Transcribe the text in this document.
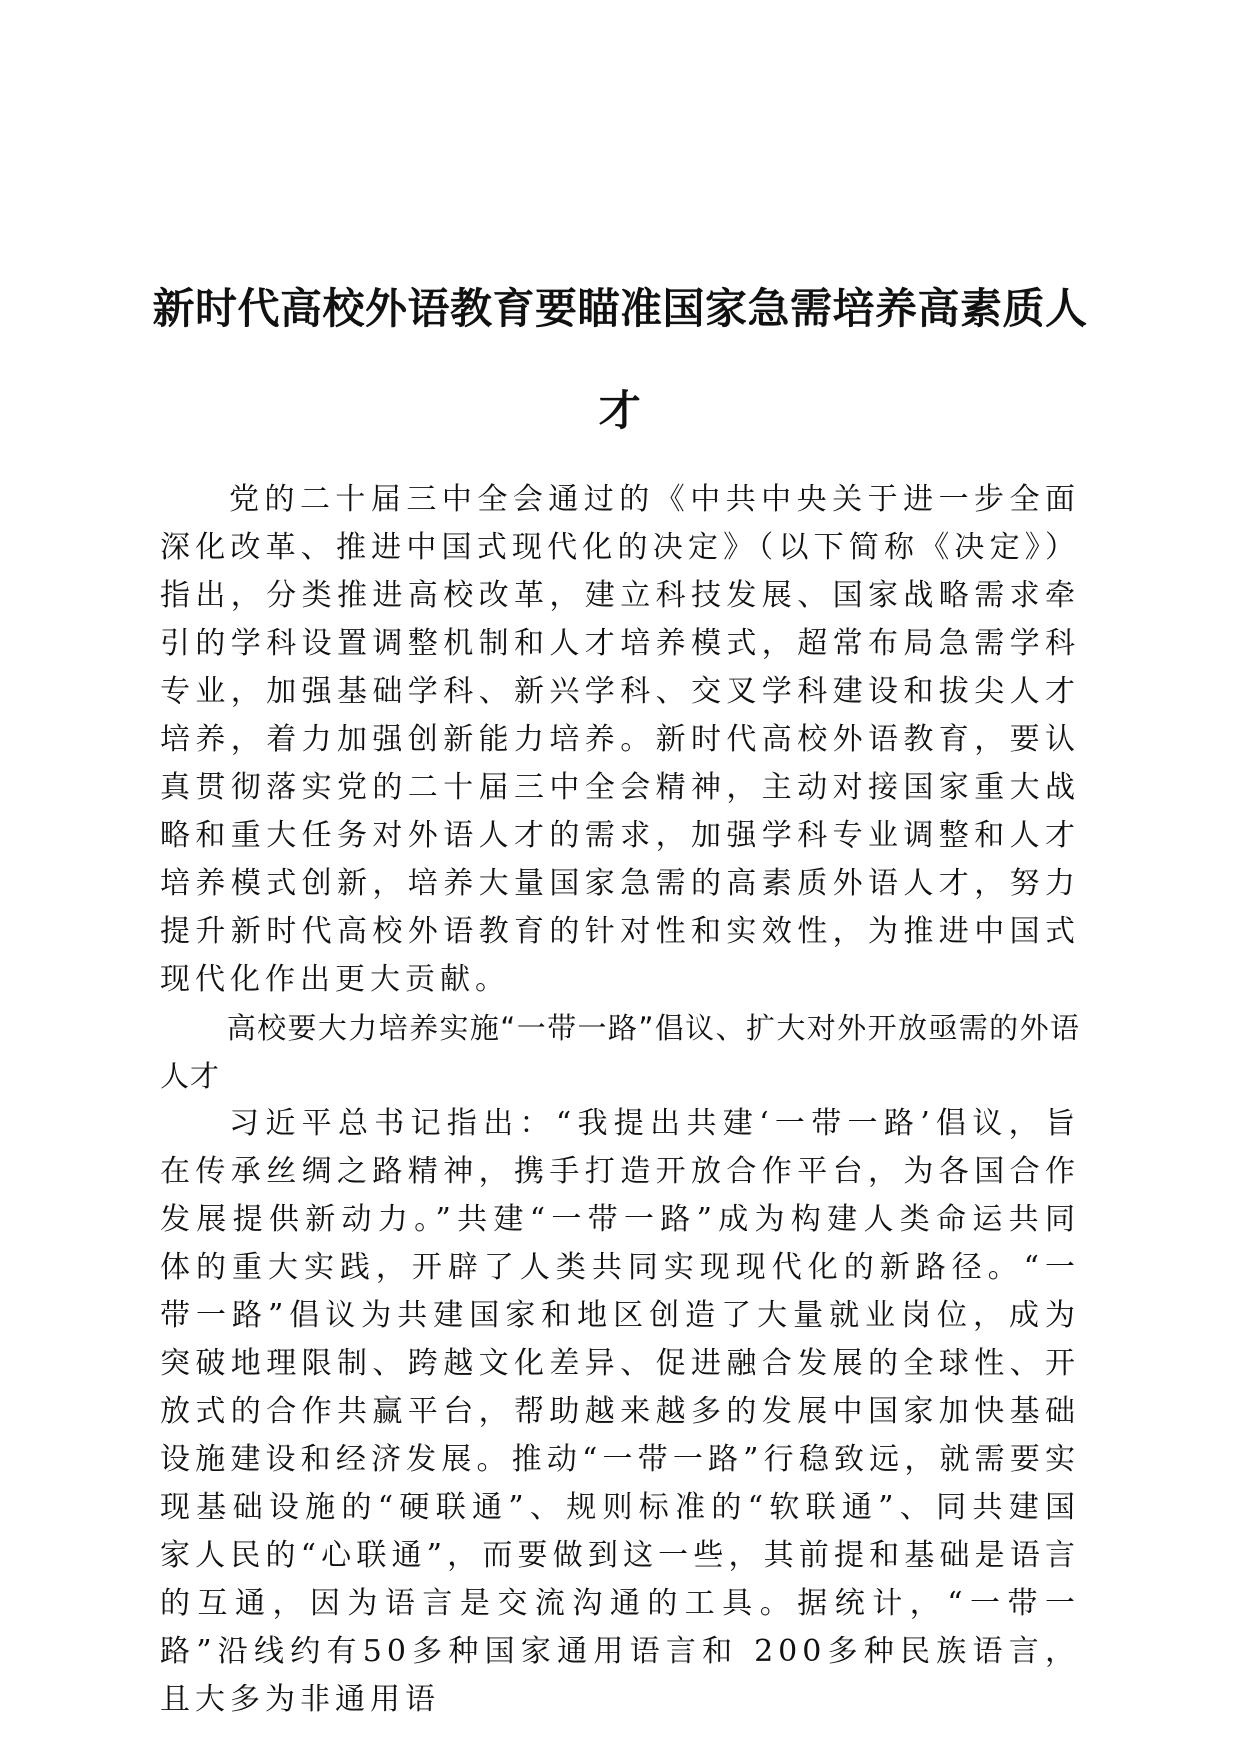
新时代高校外语教育要瞄准国家急需培养高素质人才

党的二十届三中全会通过的《中共中央关于进一步全面深化改革、推进中国式现代化的决定》（以下简称《决定》）指出，分类推进高校改革，建立科技发展、国家战略需求牵引的学科设置调整机制和人才培养模式，超常布局急需学科专业，加强基础学科、新兴学科、交叉学科建设和拔尖人才培养，着力加强创新能力培养。新时代高校外语教育，要认真贯彻落实党的二十届三中全会精神，主动对接国家重大战略和重大任务对外语人才的需求，加强学科专业调整和人才培养模式创新，培养大量国家急需的高素质外语人才，努力提升新时代高校外语教育的针对性和实效性，为推进中国式现代化作出更大贡献。

高校要大力培养实施“一带一路”倡议、扩大对外开放亟需的外语人才

习近平总书记指出：“我提出共建‘一带一路’倡议，旨在传承丝绸之路精神，携手打造开放合作平台，为各国合作发展提供新动力。”共建“一带一路”成为构建人类命运共同体的重大实践，开辟了人类共同实现现代化的新路径。“一带一路”倡议为共建国家和地区创造了大量就业岗位，成为突破地理限制、跨越文化差异、促进融合发展的全球性、开放式的合作共赢平台，帮助越来越多的发展中国家加快基础设施建设和经济发展。推动“一带一路”行稳致远，就需要实现基础设施的“硬联通”、规则标准的“软联通”、同共建国家人民的“心联通”，而要做到这一些，其前提和基础是语言的互通，因为语言是交流沟通的工具。据统计，“一带一路”沿线约有50多种国家通用语言和 200多种民族语言，且大多为非通用语
